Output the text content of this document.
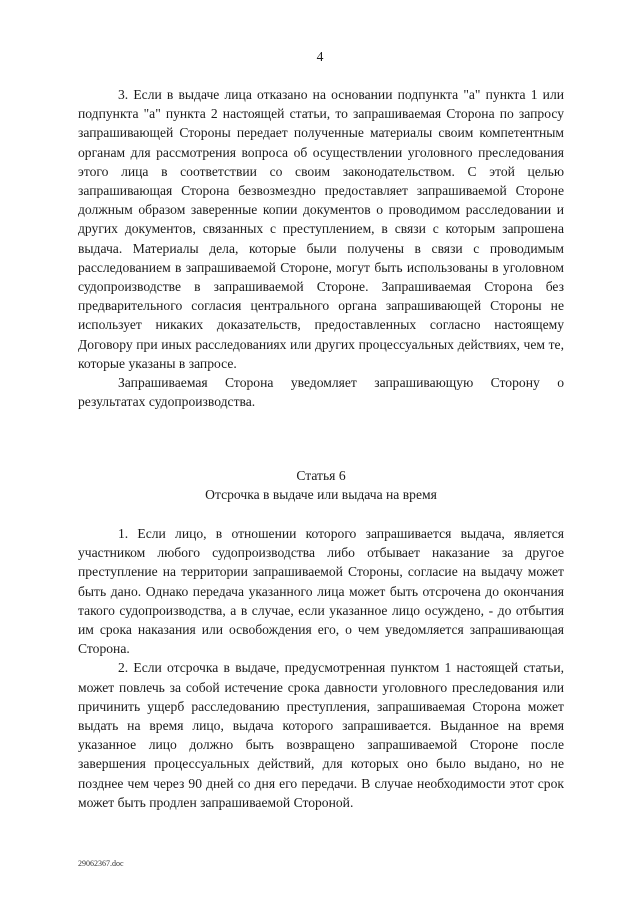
4

3. Если в выдаче лица отказано на основании подпункта "а" пункта 1 или подпункта "а" пункта 2 настоящей статьи, то запрашиваемая Сторона по запросу запрашивающей Стороны передает полученные материалы своим компетентным органам для рассмотрения вопроса об осуществлении уголовного преследования этого лица в соответствии со своим законодательством. С этой целью запрашивающая Сторона безвозмездно предоставляет запрашиваемой Стороне должным образом заверенные копии документов о проводимом расследовании и других документов, связанных с преступлением, в связи с которым запрошена выдача. Материалы дела, которые были получены в связи с проводимым расследованием в запрашиваемой Стороне, могут быть использованы в уголовном судопроизводстве в запрашиваемой Стороне. Запрашиваемая Сторона без предварительного согласия центрального органа запрашивающей Стороны не использует никаких доказательств, предоставленных согласно настоящему Договору при иных расследованиях или других процессуальных действиях, чем те, которые указаны в запросе.

Запрашиваемая Сторона уведомляет запрашивающую Сторону о результатах судопроизводства.

Статья 6

Отсрочка в выдаче или выдача на время

1. Если лицо, в отношении которого запрашивается выдача, является участником любого судопроизводства либо отбывает наказание за другое преступление на территории запрашиваемой Стороны, согласие на выдачу может быть дано. Однако передача указанного лица может быть отсрочена до окончания такого судопроизводства, а в случае, если указанное лицо осуждено, - до отбытия им срока наказания или освобождения его, о чем уведомляется запрашивающая Сторона.

2. Если отсрочка в выдаче, предусмотренная пунктом 1 настоящей статьи, может повлечь за собой истечение срока давности уголовного преследования или причинить ущерб расследованию преступления, запрашиваемая Сторона может выдать на время лицо, выдача которого запрашивается. Выданное на время указанное лицо должно быть возвращено запрашиваемой Стороне после завершения процессуальных действий, для которых оно было выдано, но не позднее чем через 90 дней со дня его передачи. В случае необходимости этот срок может быть продлен запрашиваемой Стороной.

29062367.doc
